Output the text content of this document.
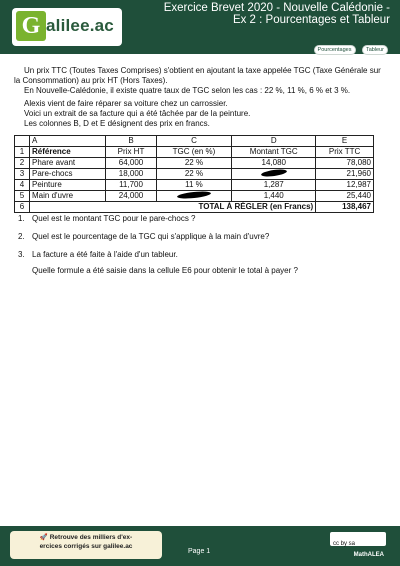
G alilee.ac
Exercice Brevet 2020 - Nouvelle Calédonie - Ex 2 : Pourcentages et Tableur
Pourcentages	Tableur

Un prix TTC (Toutes Taxes Comprises) s'obtient en ajoutant la taxe appelée TGC (Taxe Générale sur la Consommation) au prix HT (Hors Taxes).

En Nouvelle-Calédonie, il existe quatre taux de TGC selon les cas : 22 %, 11 %, 6 % et 3 %.

Alexis vient de faire réparer sa voiture chez un carrossier.

Voici un extrait de sa facture qui a été tâchée par de la peinture.

Les colonnes B, D et E désignent des prix en francs.

	A	B	C	D	E
1	Référence	Prix HT	TGC (en %)	Montant TGC	Prix TTC
2	Phare avant	64,000	22 %	14,080	78,080
3	Pare-chocs	18,000	22 %		21,960
4	Peinture	11,700	11 %	1,287	12,987
5	Main d'uvre	24,000		1,440	25,440
6	TOTAL À RÉGLER (en Francs)				138,467
1. Quel est le montant TGC pour le pare-chocs ?
2. Quel est le pourcentage de la TGC qui s'applique à la main d'uvre?
3. La facture a été faite à l'aide d'un tableur.
Quelle formule a été saisie dans la cellule E6 pour obtenir le total à payer ?
🚀 Retrouve des milliers d'ex-
ercices corrigés sur galilee.ac
Page 1
cc by sa
MathALEA
